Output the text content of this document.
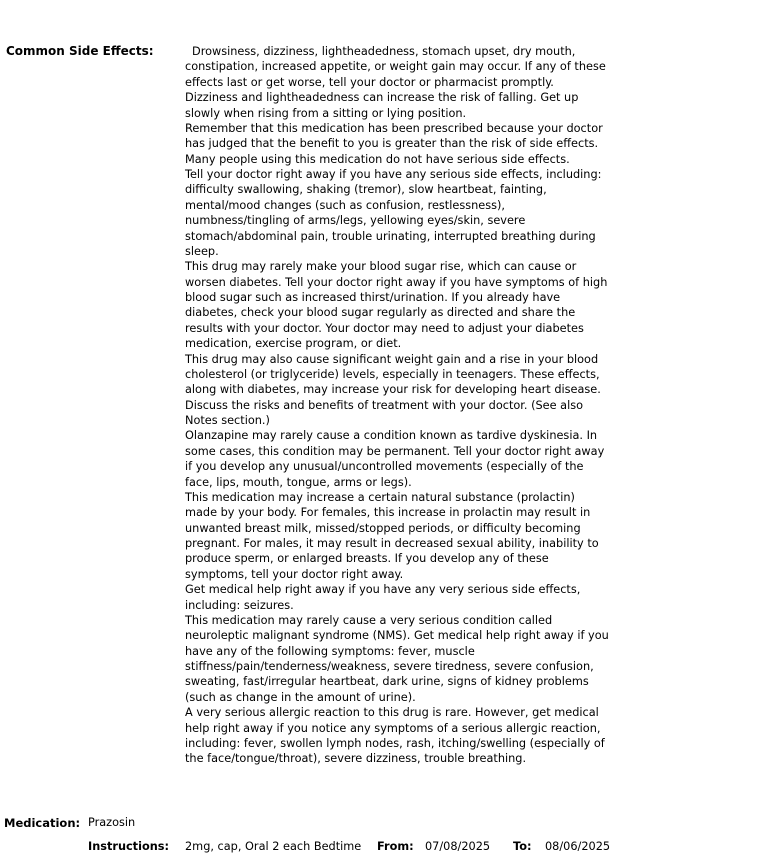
Common Side Effects:	Drowsiness, dizziness, lightheadedness, stomach upset, dry mouth, constipation, increased appetite, or weight gain may occur. If any of these effects last or get worse, tell your doctor or pharmacist promptly. Dizziness and lightheadedness can increase the risk of falling. Get up slowly when rising from a sitting or lying position.

Remember that this medication has been prescribed because your doctor has judged that the benefit to you is greater than the risk of side effects. Many people using this medication do not have serious side effects.

Tell your doctor right away if you have any serious side effects, including: difficulty swallowing, shaking (tremor), slow heartbeat, fainting, mental/mood changes (such as confusion, restlessness), numbness/tingling of arms/legs, yellowing eyes/skin, severe stomach/abdominal pain, trouble urinating, interrupted breathing during sleep.

This drug may rarely make your blood sugar rise, which can cause or worsen diabetes. Tell your doctor right away if you have symptoms of high blood sugar such as increased thirst/urination. If you already have diabetes, check your blood sugar regularly as directed and share the results with your doctor. Your doctor may need to adjust your diabetes medication, exercise program, or diet.

This drug may also cause significant weight gain and a rise in your blood cholesterol (or triglyceride) levels, especially in teenagers. These effects, along with diabetes, may increase your risk for developing heart disease. Discuss the risks and benefits of treatment with your doctor. (See also Notes section.)

Olanzapine may rarely cause a condition known as tardive dyskinesia. In some cases, this condition may be permanent. Tell your doctor right away if you develop any unusual/uncontrolled movements (especially of the face, lips, mouth, tongue, arms or legs).

This medication may increase a certain natural substance (prolactin) made by your body. For females, this increase in prolactin may result in unwanted breast milk, missed/stopped periods, or difficulty becoming pregnant. For males, it may result in decreased sexual ability, inability to produce sperm, or enlarged breasts. If you develop any of these symptoms, tell your doctor right away.

Get medical help right away if you have any very serious side effects, including: seizures.

This medication may rarely cause a very serious condition called neuroleptic malignant syndrome (NMS). Get medical help right away if you have any of the following symptoms: fever, muscle stiffness/pain/tenderness/weakness, severe tiredness, severe confusion, sweating, fast/irregular heartbeat, dark urine, signs of kidney problems (such as change in the amount of urine).

A very serious allergic reaction to this drug is rare. However, get medical help right away if you notice any symptoms of a serious allergic reaction, including: fever, swollen lymph nodes, rash, itching/swelling (especially of the face/tongue/throat), severe dizziness, trouble breathing.

Medication: Prazosin
Instructions: 2mg, cap, Oral 2 each Bedtime From: 07/08/2025 To: 08/06/2025
